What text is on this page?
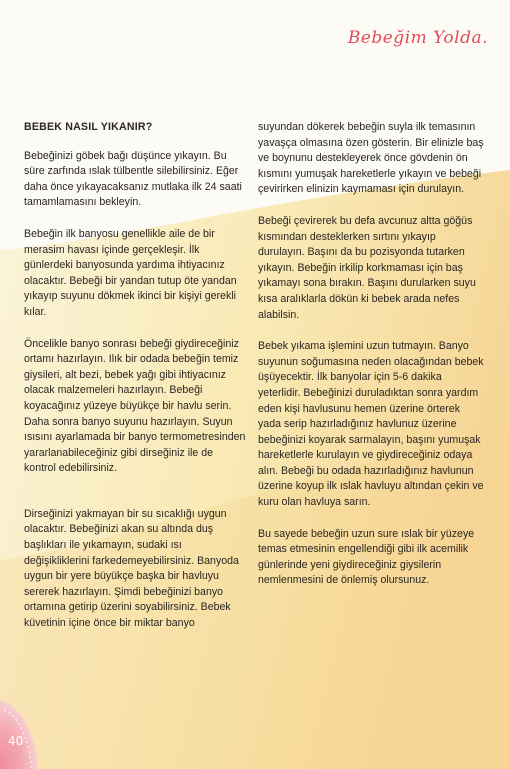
Bebeğim Yolda.
BEBEK NASIL YIKANIR?

Bebeğinizi göbek bağı düşünce yıkayın. Bu süre zarfında ıslak tülbentle silebilirsiniz. Eğer daha önce yıkayacaksanız mutlaka ilk 24 saati tamamlamasını bekleyin.

Bebeğin ilk banyosu genellikle aile de bir merasim havası içinde gerçekleşir. İlk günlerdeki banyosunda yardıma ihtiyacınız olacaktır. Bebeği bir yandan tutup öte yandan yıkayıp suyunu dökmek ikinci bir kişiyi gerekli kılar.

Öncelikle banyo sonrası bebeği giydireceğiniz ortamı hazırlayın. Ilık bir odada bebeğin temiz giysileri, alt bezi, bebek yağı gibi ihtiyacınız olacak malzemeleri hazırlayın. Bebeği koyacağınız yüzeye büyükçe bir havlu serin. Daha sonra banyo suyunu hazırlayın. Suyun ısısını ayarlamada bir banyo termometresinden yararlanabileceğiniz gibi dirseğiniz ile de kontrol edebilirsiniz.

Dirseğinizi yakmayan bir su sıcaklığı uygun olacaktır. Bebeğinizi akan su altında duş başlıkları ile yıkamayın, sudaki ısı değişikliklerini farkedemeyebilirsiniz. Banyoda uygun bir yere büyükçe başka bir havluyu sererek hazırlayın. Şimdi bebeğinizi banyo ortamına getirip üzerini soyabilirsiniz. Bebek küvetinin içine önce bir miktar banyo

suyundan dökerek bebeğin suyla ilk temasının yavaşça olmasına özen gösterin. Bir elinizle baş ve boynunu destekleyerek önce gövdenin ön kısmını yumuşak hareketlerle yıkayın ve bebeği çevirirken elinizin kaymaması için durulayın.

Bebeği çevirerek bu defa avcunuz altta göğüs kısmından desteklerken sırtını yıkayıp durulayın. Başını da bu pozisyonda tutarken yıkayın. Bebeğin irkilip korkmaması için baş yıkamayı sona bırakın. Başını durularken suyu kısa aralıklarla dökün ki bebek arada nefes alabilsin.

Bebek yıkama işlemini uzun tutmayın. Banyo suyunun soğumasına neden olacağından bebek üşüyecektir. İlk banyolar için 5-6 dakika yeterlidir. Bebeğinizi duruladıktan sonra yardım eden kişi havlusunu hemen üzerine örterek yada serip hazırladığınız havlunuz üzerine bebeğinizi koyarak sarmalayın, başını yumuşak hareketlerle kurulayın ve giydireceğiniz odaya alın. Bebeği bu odada hazırladığınız havlunun üzerine koyup ilk ıslak havluyu altından çekin ve kuru olan havluya sarın.

Bu sayede bebeğin uzun sure ıslak bir yüzeye temas etmesinin engellendiği gibi ilk acemilik günlerinde yeni giydireceğiniz giysilerin nemlenmesini de önlemiş olursunuz.

40
